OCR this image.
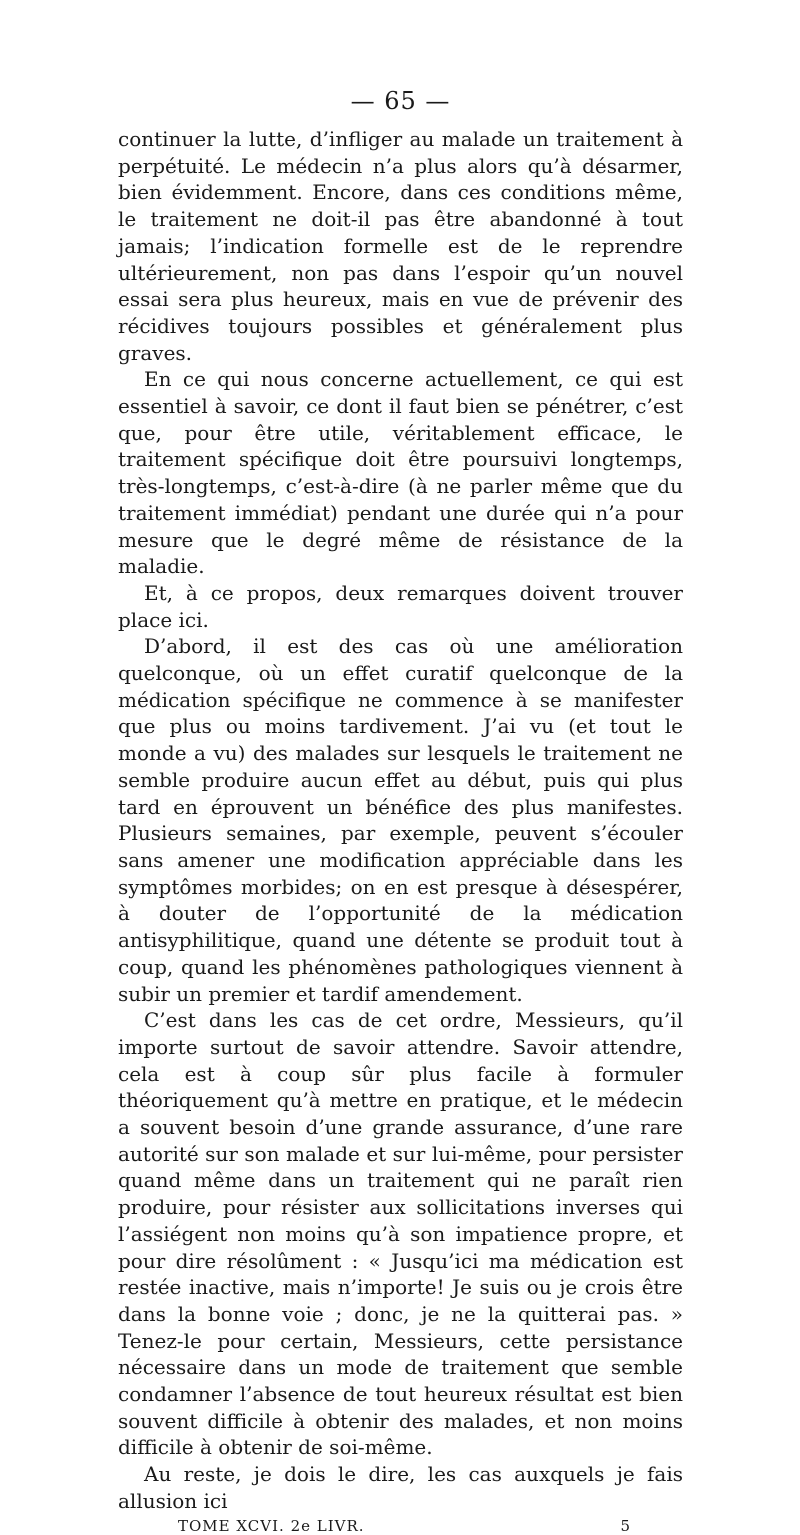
— 65 —

continuer la lutte, d’infliger au malade un traitement à perpétuité. Le médecin n’a plus alors qu’à désarmer, bien évidemment. Encore, dans ces conditions même, le traitement ne doit-il pas être abandonné à tout jamais; l’indication formelle est de le reprendre ultérieurement, non pas dans l’espoir qu’un nouvel essai sera plus heureux, mais en vue de prévenir des récidives toujours possibles et généralement plus graves.

En ce qui nous concerne actuellement, ce qui est essentiel à savoir, ce dont il faut bien se pénétrer, c’est que, pour être utile, véritablement efficace, le traitement spécifique doit être poursuivi longtemps, très-longtemps, c’est-à-dire (à ne parler même que du traitement immédiat) pendant une durée qui n’a pour mesure que le degré même de résistance de la maladie.

Et, à ce propos, deux remarques doivent trouver place ici.

D’abord, il est des cas où une amélioration quelconque, où un effet curatif quelconque de la médication spécifique ne commence à se manifester que plus ou moins tardivement. J’ai vu (et tout le monde a vu) des malades sur lesquels le traitement ne semble produire aucun effet au début, puis qui plus tard en éprouvent un bénéfice des plus manifestes. Plusieurs semaines, par exemple, peuvent s’écouler sans amener une modification appréciable dans les symptômes morbides; on en est presque à désespérer, à douter de l’opportunité de la médication antisyphilitique, quand une détente se produit tout à coup, quand les phénomènes pathologiques viennent à subir un premier et tardif amendement.

C’est dans les cas de cet ordre, Messieurs, qu’il importe surtout de savoir attendre. Savoir attendre, cela est à coup sûr plus facile à formuler théoriquement qu’à mettre en pratique, et le médecin a souvent besoin d’une grande assurance, d’une rare autorité sur son malade et sur lui-même, pour persister quand même dans un traitement qui ne paraît rien produire, pour résister aux sollicitations inverses qui l’assiégent non moins qu’à son impatience propre, et pour dire résolûment : « Jusqu’ici ma médication est restée inactive, mais n’importe! Je suis ou je crois être dans la bonne voie ; donc, je ne la quitterai pas. » Tenez-le pour certain, Messieurs, cette persistance nécessaire dans un mode de traitement que semble condamner l’absence de tout heureux résultat est bien souvent difficile à obtenir des malades, et non moins difficile à obtenir de soi-même.

Au reste, je dois le dire, les cas auxquels je fais allusion ici

TOME XCVI. 2e LIVR.	5
